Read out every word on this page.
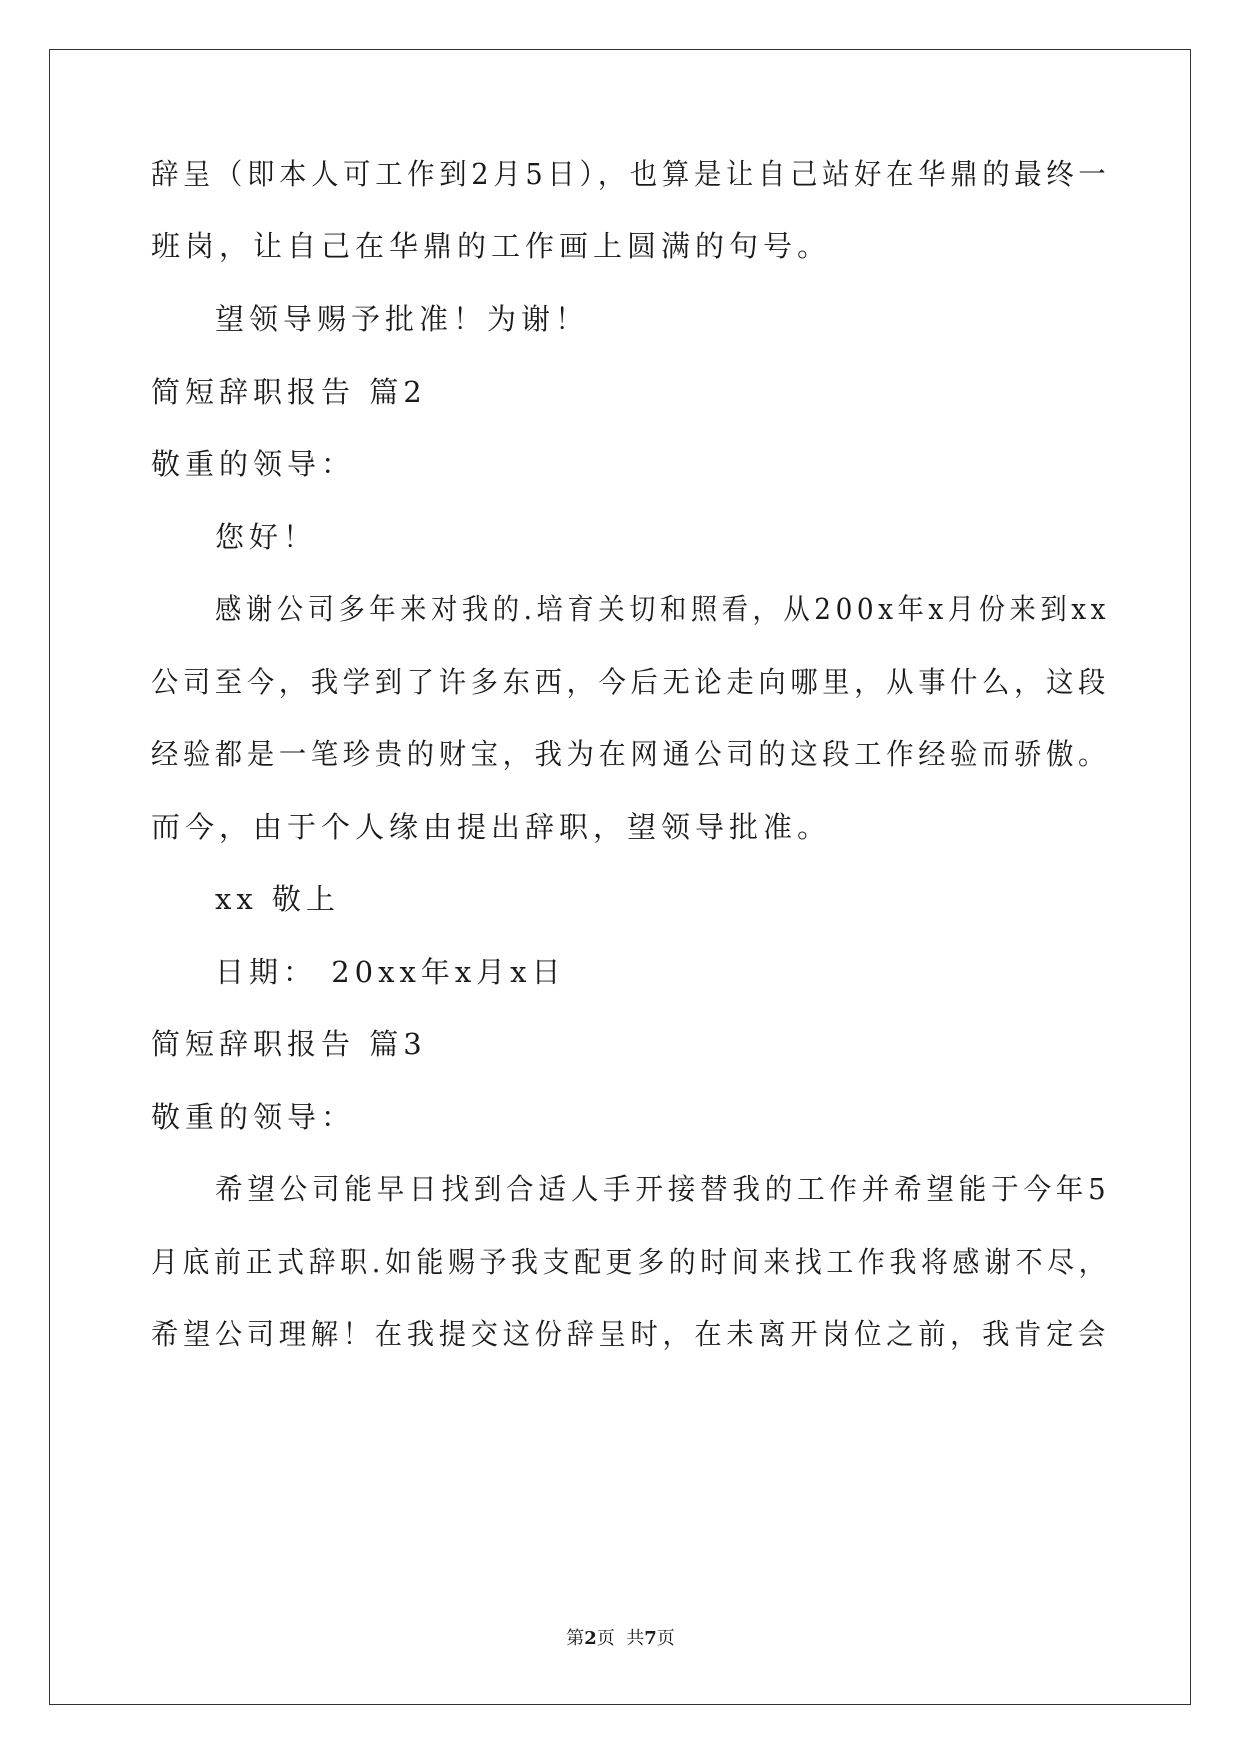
辞呈（即本人可工作到2月5日），也算是让自己站好在华鼎的最终一
班岗，让自己在华鼎的工作画上圆满的句号。
望领导赐予批准！为谢！
简短辞职报告 篇2
敬重的领导：
您好！
感谢公司多年来对我的.培育关切和照看，从200x年x月份来到xx
公司至今，我学到了许多东西，今后无论走向哪里，从事什么，这段
经验都是一笔珍贵的财宝，我为在网通公司的这段工作经验而骄傲。
而今，由于个人缘由提出辞职，望领导批准。
xx 敬上
日期： 20xx年x月x日
简短辞职报告 篇3
敬重的领导：
希望公司能早日找到合适人手开接替我的工作并希望能于今年5
月底前正式辞职.如能赐予我支配更多的时间来找工作我将感谢不尽，
希望公司理解！在我提交这份辞呈时，在未离开岗位之前，我肯定会
第2页  共7页
